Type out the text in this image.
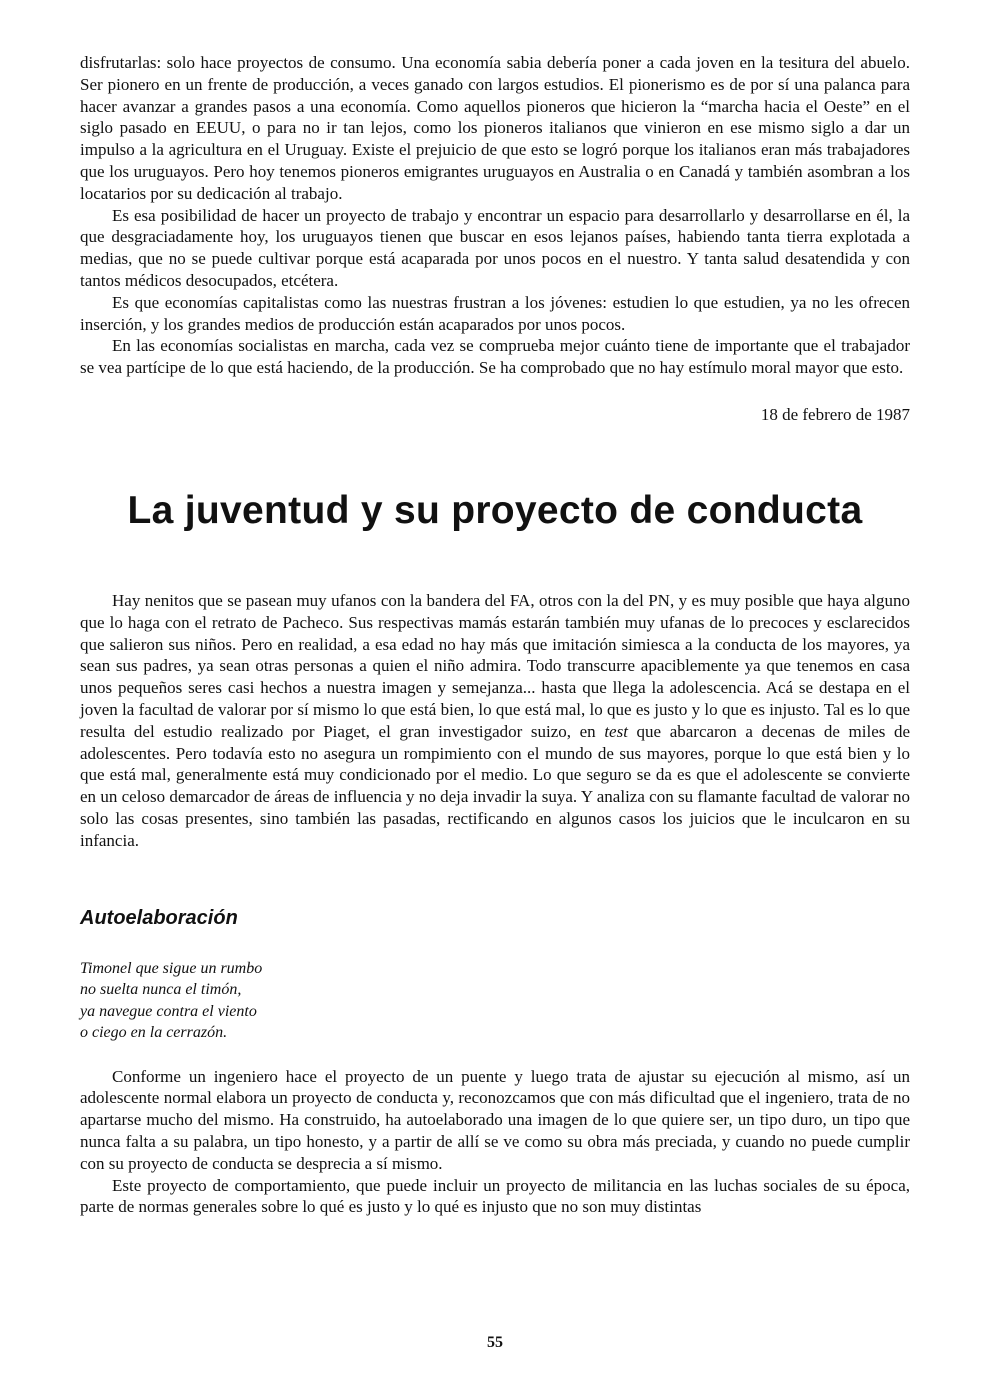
disfrutarlas: solo hace proyectos de consumo. Una economía sabia debería poner a cada joven en la tesitura del abuelo. Ser pionero en un frente de producción, a veces ganado con largos estudios. El pionerismo es de por sí una palanca para hacer avanzar a grandes pasos a una economía. Como aquellos pioneros que hicieron la “marcha hacia el Oeste” en el siglo pasado en EEUU, o para no ir tan lejos, como los pioneros italianos que vinieron en ese mismo siglo a dar un impulso a la agricultura en el Uruguay. Existe el prejuicio de que esto se logró porque los italianos eran más trabajadores que los uruguayos. Pero hoy tenemos pioneros emigrantes uruguayos en Australia o en Canadá y también asombran a los locatarios por su dedicación al trabajo.

Es esa posibilidad de hacer un proyecto de trabajo y encontrar un espacio para desarrollarlo y desarrollarse en él, la que desgraciadamente hoy, los uruguayos tienen que buscar en esos lejanos países, habiendo tanta tierra explotada a medias, que no se puede cultivar porque está acaparada por unos pocos en el nuestro. Y tanta salud desatendida y con tantos médicos desocupados, etcétera.

Es que economías capitalistas como las nuestras frustran a los jóvenes: estudien lo que estudien, ya no les ofrecen inserción, y los grandes medios de producción están acaparados por unos pocos.

En las economías socialistas en marcha, cada vez se comprueba mejor cuánto tiene de importante que el trabajador se vea partícipe de lo que está haciendo, de la producción. Se ha comprobado que no hay estímulo moral mayor que esto.

18 de febrero de 1987

La juventud y su proyecto de conducta

Hay nenitos que se pasean muy ufanos con la bandera del FA, otros con la del PN, y es muy posible que haya alguno que lo haga con el retrato de Pacheco. Sus respectivas mamás estarán también muy ufanas de lo precoces y esclarecidos que salieron sus niños. Pero en realidad, a esa edad no hay más que imitación simiesca a la conducta de los mayores, ya sean sus padres, ya sean otras personas a quien el niño admira. Todo transcurre apaciblemente ya que tenemos en casa unos pequeños seres casi hechos a nuestra imagen y semejanza... hasta que llega la adolescencia. Acá se destapa en el joven la facultad de valorar por sí mismo lo que está bien, lo que está mal, lo que es justo y lo que es injusto. Tal es lo que resulta del estudio realizado por Piaget, el gran investigador suizo, en test que abarcaron a decenas de miles de adolescentes. Pero todavía esto no asegura un rompimiento con el mundo de sus mayores, porque lo que está bien y lo que está mal, generalmente está muy condicionado por el medio. Lo que seguro se da es que el adolescente se convierte en un celoso demarcador de áreas de influencia y no deja invadir la suya. Y analiza con su flamante facultad de valorar no solo las cosas presentes, sino también las pasadas, rectificando en algunos casos los juicios que le inculcaron en su infancia.

Autoelaboración
Timonel que sigue un rumbo
no suelta nunca el timón,
ya navegue contra el viento
o ciego en la cerrazón.

Conforme un ingeniero hace el proyecto de un puente y luego trata de ajustar su ejecución al mismo, así un adolescente normal elabora un proyecto de conducta y, reconozcamos que con más dificultad que el ingeniero, trata de no apartarse mucho del mismo. Ha construido, ha autoelaborado una imagen de lo que quiere ser, un tipo duro, un tipo que nunca falta a su palabra, un tipo honesto, y a partir de allí se ve como su obra más preciada, y cuando no puede cumplir con su proyecto de conducta se desprecia a sí mismo.

Este proyecto de comportamiento, que puede incluir un proyecto de militancia en las luchas sociales de su época, parte de normas generales sobre lo qué es justo y lo qué es injusto que no son muy distintas

55
